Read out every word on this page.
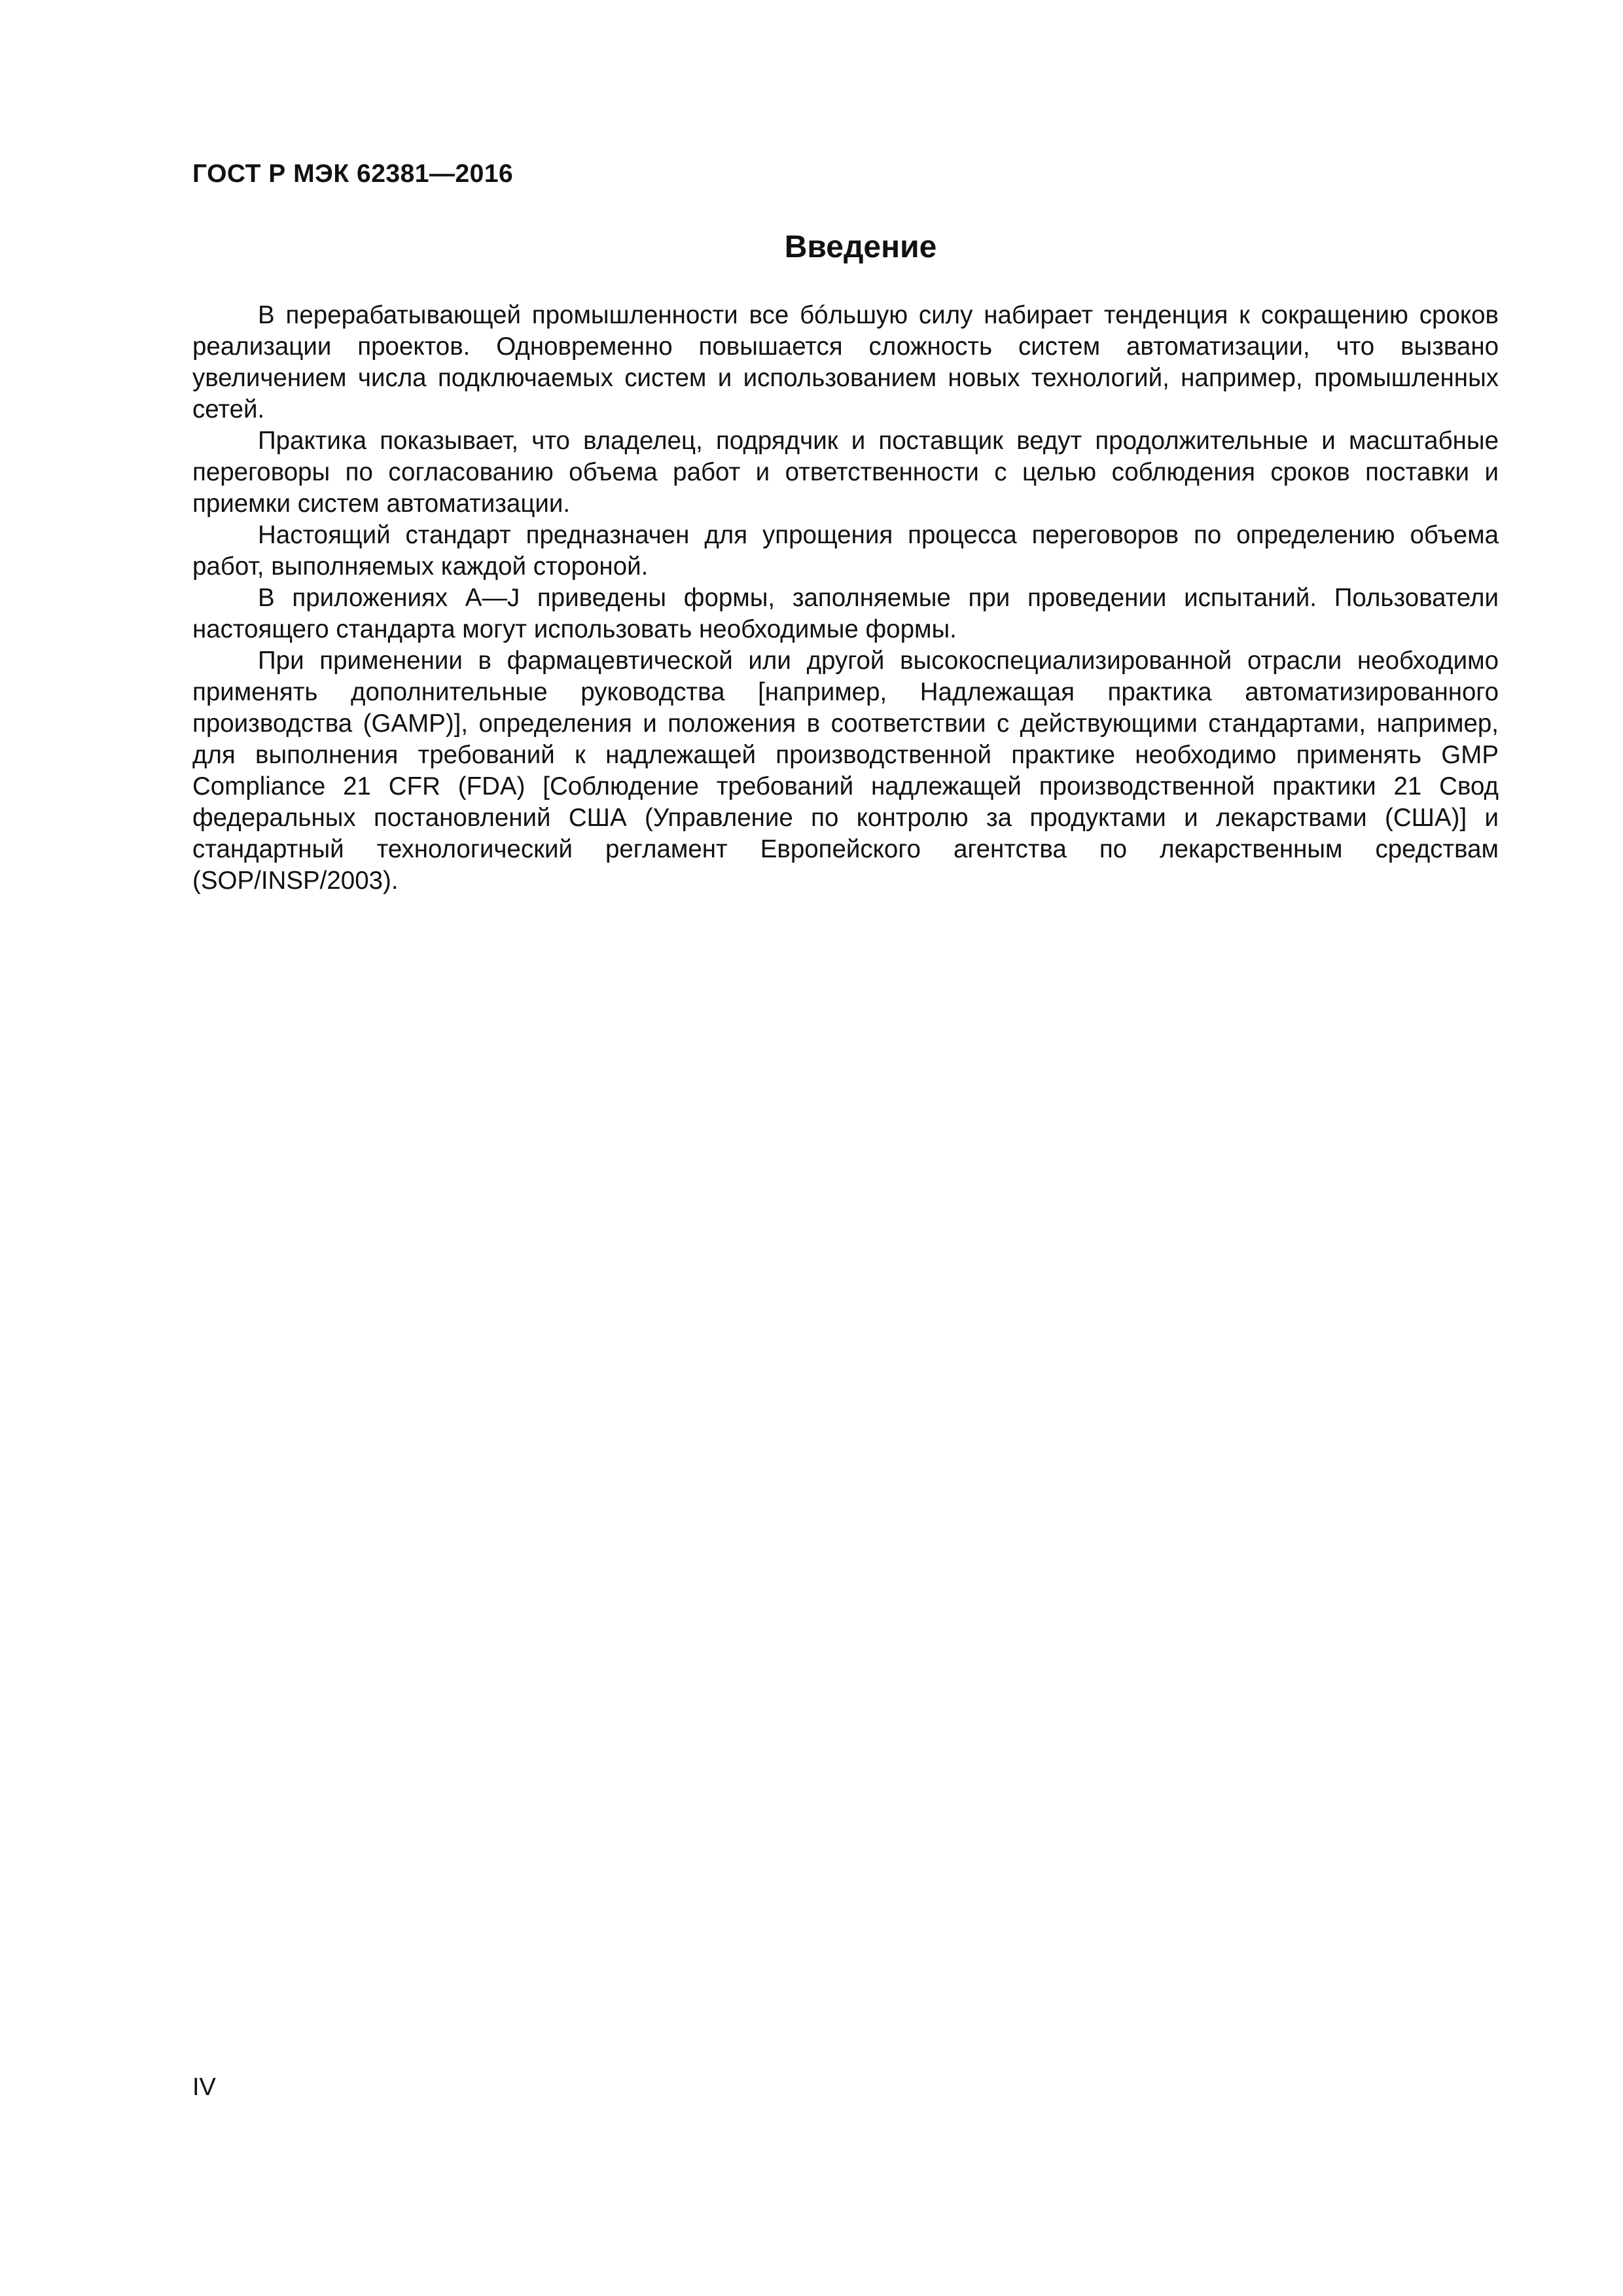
ГОСТ Р МЭК 62381—2016
Введение

В перерабатывающей промышленности все бóльшую силу набирает тенденция к сокращению сроков реализации проектов. Одновременно повышается сложность систем автоматизации, что вызвано увеличением числа подключаемых систем и использованием новых технологий, например, промышленных сетей.

Практика показывает, что владелец, подрядчик и поставщик ведут продолжительные и масштабные переговоры по согласованию объема работ и ответственности с целью соблюдения сроков поставки и приемки систем автоматизации.

Настоящий стандарт предназначен для упрощения процесса переговоров по определению объема работ, выполняемых каждой стороной.

В приложениях А—J приведены формы, заполняемые при проведении испытаний. Пользователи настоящего стандарта могут использовать необходимые формы.

При применении в фармацевтической или другой высокоспециализированной отрасли необходимо применять дополнительные руководства [например, Надлежащая практика автоматизированного производства (GAMP)], определения и положения в соответствии с действующими стандартами, например, для выполнения требований к надлежащей производственной практике необходимо применять GMP Compliance 21 CFR (FDA) [Соблюдение требований надлежащей производственной практики 21 Свод федеральных постановлений США (Управление по контролю за продуктами и лекарствами (США)] и стандартный технологический регламент Европейского агентства по лекарственным средствам (SOP/INSP/2003).

IV
